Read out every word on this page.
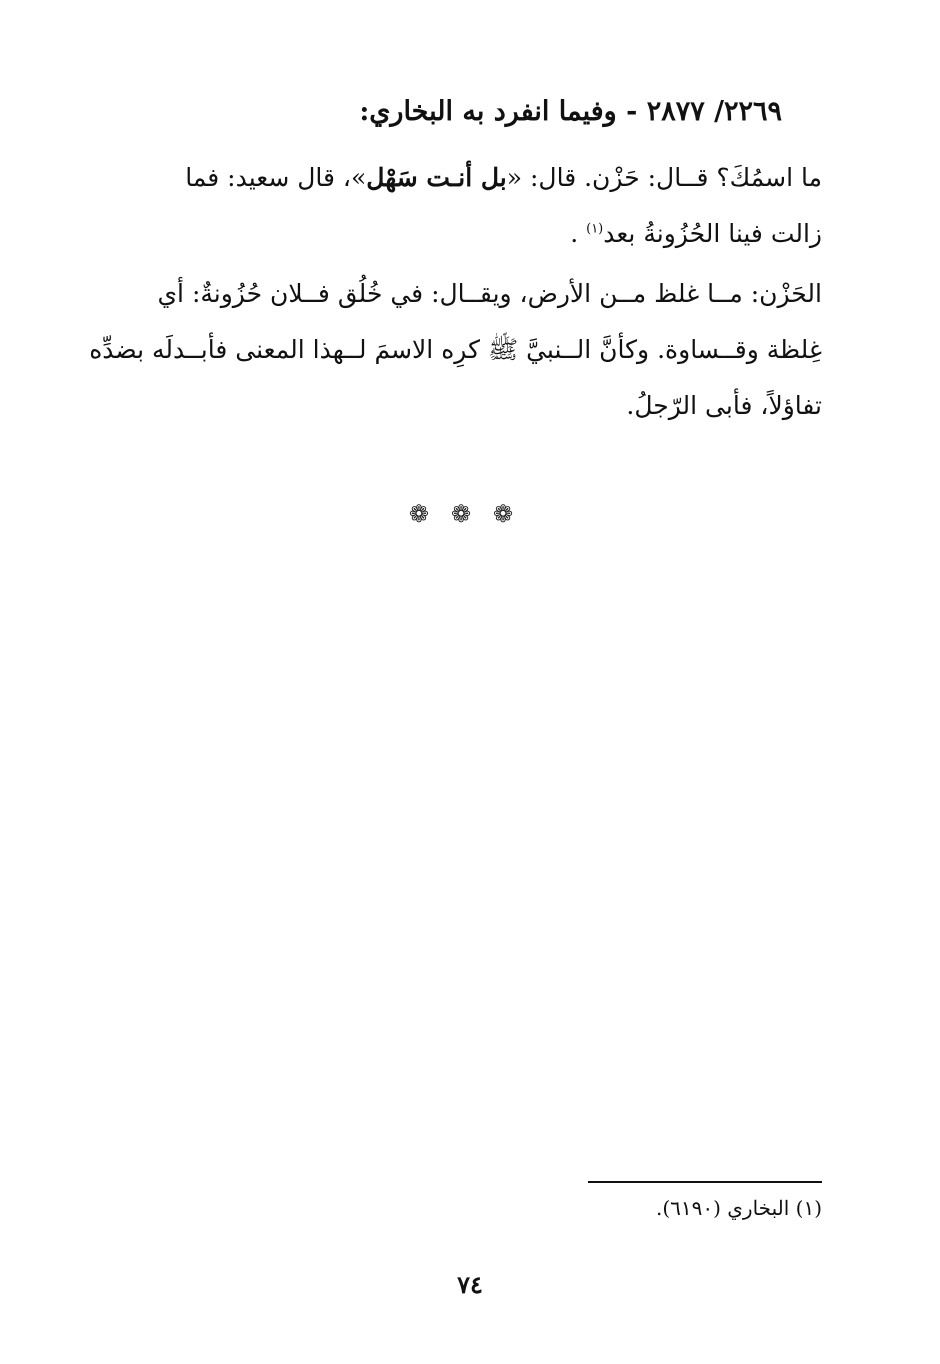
٢٢٦٩/ ٢٨٧٧ - وفيما انفرد به البخاري:
ما اسمُكَ؟ قــال: حَزْن. قال: «بل أنـت سَهْل»، قال سعيد: فما
زالت فينا الحُزُونةُ بعد$^{(١)}$ .
الحَزْن: مــا غلظ مــن الأرض، ويقــال: في خُلُق فــلان حُزُونةٌ: أي
غِلظة وقــساوة. وكأنَّ الــنبيَّ ﷺ كرِه الاسمَ لــهذا المعنى فأبــدلَه بضدِّه
تفاؤلاً، فأبى الرّجلُ.
❁ ❁ ❁
(١) البخاري (٦١٩٠).
٧٤
